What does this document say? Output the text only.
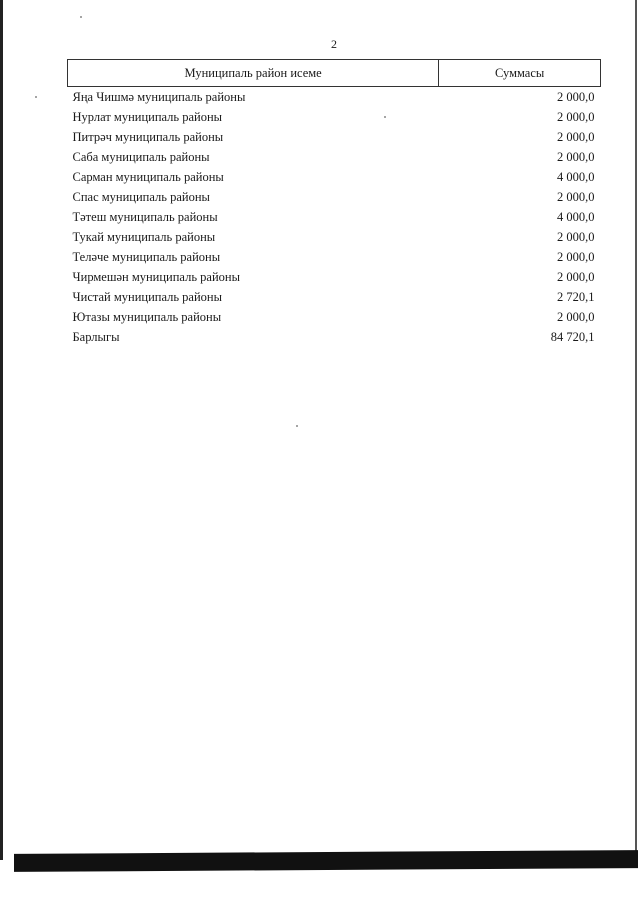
2
Муниципаль район исеме	Суммасы
Яңа Чишмә муниципаль районы	2 000,0
Нурлат муниципаль районы	2 000,0
Питрәч муниципаль районы	2 000,0
Саба муниципаль районы	2 000,0
Сарман муниципаль районы	4 000,0
Спас муниципаль районы	2 000,0
Тәтеш муниципаль районы	4 000,0
Тукай муниципаль районы	2 000,0
Теләче муниципаль районы	2 000,0
Чирмешән муниципаль районы	2 000,0
Чистай муниципаль районы	2 720,1
Ютазы муниципаль районы	2 000,0
Барлыгы	84 720,1
